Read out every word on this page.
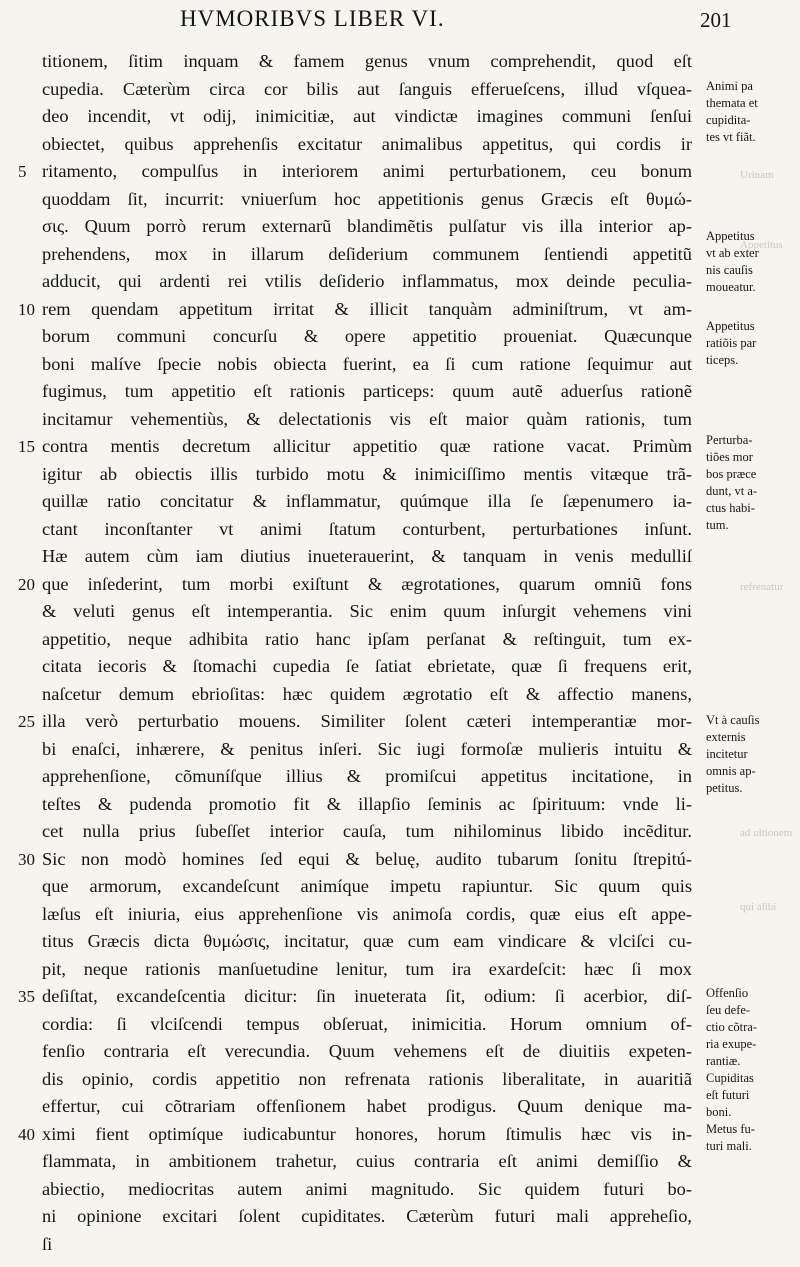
HVMORIBVS LIBER VI.	201
titionem, ſitim inquam & famem genus vnum comprehendit, quod eſt
cupedia. Cæterùm circa cor bilis aut ſanguis efferueſcens, illud vſquea-
deo incendit, vt odij, inimicitiæ, aut vindictæ imagines communi ſenſui
obiectet, quibus apprehenſis excitatur animalibus appetitus, qui cordis ir
5 ritamento, compulſus in interiorem animi perturbationem, ceu bonum
quoddam ſit, incurrit: vniuerſum hoc appetitionis genus Græcis eſt θυμώ-
σις. Quum porrò rerum externarũ blandimẽtis pulſatur vis illa interior ap-
prehendens, mox in illarum deſiderium communem ſentiendi appetitũ
adducit, qui ardenti rei vtilis deſiderio inflammatus, mox deinde peculia-
10 rem quendam appetitum irritat & illicit tanquàm adminiſtrum, vt am-
borum communi concurſu & opere appetitio proueniat. Quæcunque
boni malíve ſpecie nobis obiecta fuerint, ea ſi cum ratione ſequimur aut
fugimus, tum appetitio eſt rationis particeps: quum autẽ aduerſus rationẽ
incitamur vehementiùs, & delectationis vis eſt maior quàm rationis, tum
15 contra mentis decretum allicitur appetitio quæ ratione vacat. Primùm
igitur ab obiectis illis turbido motu & inimiciſſimo mentis vitæque trã-
quillæ ratio concitatur & inflammatur, quúmque illa ſe ſæpenumero ia-
ctant inconſtanter vt animi ſtatum conturbent, perturbationes inſunt.
Hæ autem cùm iam diutius inueterauerint, & tanquam in venis medulliſ
20 que inſederint, tum morbi exiſtunt & ægrotationes, quarum omniũ fons
& veluti genus eſt intemperantia. Sic enim quum inſurgit vehemens vini
appetitio, neque adhibita ratio hanc ipſam perſanat & reſtinguit, tum ex-
citata iecoris & ſtomachi cupedia ſe ſatiat ebrietate, quæ ſi frequens erit,
naſcetur demum ebrioſitas: hæc quidem ægrotatio eſt & affectio manens,
25 illa verò perturbatio mouens. Similiter ſolent cæteri intemperantiæ mor-
bi enaſci, inhærere, & penitus inſeri. Sic iugi formoſæ mulieris intuitu &
apprehenſione, cõmuníſque illius & promiſcui appetitus incitatione, in
teſtes & pudenda promotio fit & illapſio ſeminis ac ſpirituum: vnde li-
cet nulla prius ſubeſſet interior cauſa, tum nihilominus libido incẽditur.
30 Sic non modò homines ſed equi & beluę, audito tubarum ſonitu ſtrepitú-
que armorum, excandeſcunt animíque impetu rapiuntur. Sic quum quis
læſus eſt iniuria, eius apprehenſione vis animoſa cordis, quæ eius eſt appe-
titus Græcis dicta θυμώσις, incitatur, quæ cum eam vindicare & vlciſci cu-
pit, neque rationis manſuetudine lenitur, tum ira exardeſcit: hæc ſi mox
35 deſiſtat, excandeſcentia dicitur: ſin inueterata ſit, odium: ſi acerbior, diſ-
cordia: ſi vlciſcendi tempus obſeruat, inimicitia. Horum omnium of-
fenſio contraria eſt verecundia. Quum vehemens eſt de diuitiis expeten-
dis opinio, cordis appetitio non refrenata rationis liberalitate, in auaritiã
effertur, cui cõtrariam offenſionem habet prodigus. Quum denique ma-
40 ximi fient optimíque iudicabuntur honores, horum ſtimulis hæc vis in-
flammata, in ambitionem trahetur, cuius contraria eſt animi demiſſio &
abiectio, mediocritas autem animi magnitudo. Sic quidem futuri bo-
ni opinione excitari ſolent cupiditates. Cæterùm futuri mali appreheſio,
ſi
Animi pa
themata et
cupidita-
tes vt fiãt.
Appetitus
vt ab exter
nis cauſis
moueatur.
Appetitus
ratiõis par
ticeps.
Perturba-
tiões mor
bos præce
dunt, vt a-
ctus habi-
tum.
Vt à cauſis
externis
incitetur
omnis ap-
petitus.
Offenſio
ſeu defe-
ctio cõtra-
ria exupe-
rantiæ.
Cupiditas
eſt futuri
boni.
Metus fu-
turi mali.
Urinam
Appetitus
refrenatur
ad ultionem
qui alibi
